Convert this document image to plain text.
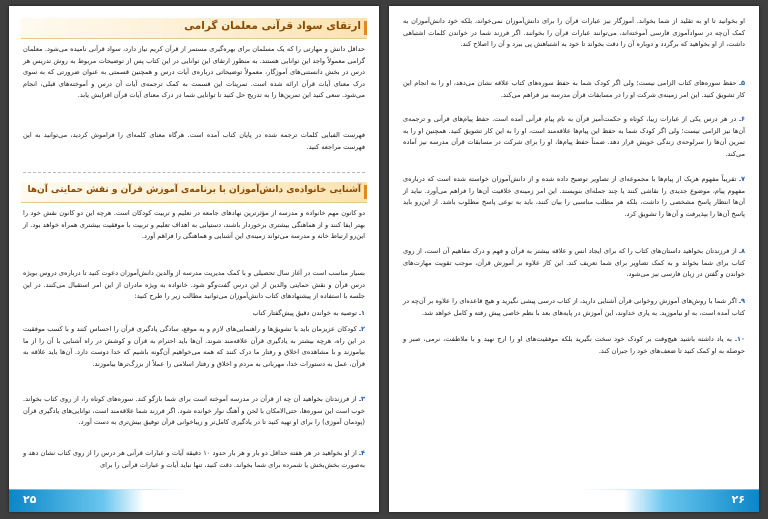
ارتقای سواد قرآنی معلمان گرامی
حداقل دانش و مهارتی را که یک مسلمان برای بهره‌گیری مستمر از قرآن کریم نیاز دارد، سواد قرآنی نامیده می‌شود. معلمان گرامی معمولاً واجد این توانایی هستند. به منظور ارتقای این توانایی در این کتاب پس از توضیحات مربوط به روش تدریس هر درس در بخش دانستنی‌های آموزگار، معمولاً توضیحاتی درباره‌ی آیات درس و همچنین قسمتی به عنوان ضرورتی که به سوی درک معنای آیات قرآن ارائه شده است. تمرینات این قسمت به کمک ترجمه‌ی آیات آن درس و آموخته‌های قبلی، انجام می‌شود. سعی کنید این تمرین‌ها را به تدریج حل کنید تا توانایی شما در درک معنای آیات قرآن افزایش یابد.
فهرست الفبایی کلمات ترجمه شده در پایان کتاب آمده است. هرگاه معنای کلمه‌ای را فراموش کردید، می‌توانید به این فهرست مراجعه کنید.
آشنایی خانواده‌ی دانش‌آموزان با برنامه‌ی آموزش قرآن و نقش حمایتی آن‌ها
دو کانون مهم خانواده و مدرسه از مؤثرترین نهادهای جامعه در تعلیم و تربیت کودکان است. هرچه این دو کانون نقش خود را بهتر ایفا کنند و از هماهنگی بیشتری برخوردار باشند، دستیابی به اهداف تعلیم و تربیت با موفقیت بیشتری همراه خواهد بود. از این‌رو ارتباط خانه و مدرسه می‌تواند زمینه‌ی این آشنایی و هماهنگی را فراهم آورد.
بسیار مناسب است در آغاز سال تحصیلی و با کمک مدیریت مدرسه از والدین دانش‌آموزان دعوت کنید تا درباره‌ی دروس بویژه درس قرآن و نقش حمایتی والدین از این درس گفت‌وگو شود. خانواده به ویژه مادران از این امر استقبال می‌کنند. در این جلسه با استفاده از پیشنهادهای کتاب دانش‌آموزان می‌توانید مطالب زیر را طرح کنید:
۱ـ توصیه به خواندن دقیق پیش‌گفتار کتاب
۲ـ کودکان عزیزمان باید با تشویق‌ها و راهنمایی‌های لازم و به موقع، سادگی یادگیری قرآن را احساس کنند و با کسب موفقیت در این راه، هرچه بیشتر به یادگیری قرآن علاقه‌مند شوند. آن‌ها باید احترام به قرآن و کوشش در راه آشنایی با آن را از ما بیاموزند و با مشاهده‌ی اخلاق و رفتار ما درک کنند که همه می‌خواهیم آن‌گونه باشیم که خدا دوست دارد. آن‌ها باید علاقه به قرآن، عمل به دستورات خدا، مهربانی به مردم و اخلاق و رفتار اسلامی را عملاً از بزرگ‌ترها بیاموزند.
۳ـ از فرزندتان بخواهید آن چه از قرآن در مدرسه آموخته است برای شما بازگو کند. سوره‌های کوتاه را، از روی کتاب بخواند. خوب است این سوره‌ها، حتی‌الامکان با لحن و آهنگ نوار خوانده شود. اگر فرزند شما علاقه‌مند است، توانایی‌های یادگیری قرآن (پودمان آموزی) را برای او تهیه کنید تا در یادگیری کامل‌تر و زیباخوانی قرآن توفیق بیش‌تری به دست آورد.
۴ـ از او بخواهید در هر هفته حداقل دو بار و هر بار حدود ۱۰ دقیقه آیات و عبارات قرآنی هر درس را از روی کتاب نشان دهد و به‌صورت بخش‌بخش یا شمرده برای شما بخواند. دقت کنید، تنها نباید آیات و عبارات قرآنی را برای
۲۵
او بخوانید تا او به تقلید از شما بخواند. آموزگار نیز عبارات قرآن را برای دانش‌آموزان نمی‌خواند، بلکه خود دانش‌آموزان به کمک آن‌چه در سواد‌آموزی فارسی آموخته‌اند، می‌توانند عبارات قرآن را بخوانند. اگر فرزند شما در خواندن کلمات اشتباهی داشت، از او بخواهید که برگردد و دوباره آن را دقت بخواند تا خود به اشتباهش پی ببرد و آن را اصلاح کند.
۵ـ حفظ سوره‌های کتاب الزامی نیست؛ ولی اگر کودک شما به حفظ سوره‌های کتاب علاقه نشان می‌دهد، او را به انجام این کار تشویق کنید. این امر زمینه‌ی شرکت او را در مسابقات قرآن مدرسه نیز فراهم می‌کند.
۶ـ در هر درس یکی از عبارات زیبا، کوتاه و حکمت‌آمیز قرآن به نام پیام قرآنی آمده است. حفظ پیام‌های قرآنی و ترجمه‌ی آن‌ها نیز الزامی نیست؛ ولی اگر کودک شما به حفظ این پیام‌ها علاقه‌مند است، او را به این کار تشویق کنید. همچنین او را به تمرین آن‌ها را سرلوحه‌ی زندگی خویش قرار دهد. ضمناً حفظ پیام‌ها، او را برای شرکت در مسابقات قرآن مدرسه نیز آماده می‌کند.
۷ـ تقریباً مفهوم هریک از پیام‌ها با مجموعه‌ای از تصاویر توضیح داده شده و از دانش‌آموزان خواسته شده است که درباره‌ی مفهوم پیام، موضوع جدیدی را نقاشی کنند یا چند جمله‌ای بنویسند. این امر زمینه‌ی خلاقیت آن‌ها را فراهم می‌آورد. نباید از آن‌ها انتظار پاسخ مشخصی را داشت، بلکه هر مطلب مناسبی را بیان کنند، باید به نوعی پاسخ مطلوب باشد. از این‌رو باید پاسخ آن‌ها را بپذیرفت و آن‌ها را تشویق کرد.
۸ـ از فرزندتان بخواهید داستان‌های کتاب را که برای ایجاد انس و علاقه بیشتر به قرآن و فهم و درک مفاهیم آن است، از روی کتاب برای شما بخواند و به کمک تصاویر برای شما تعریف کند. این کار علاوه بر آموزش قرآن، موجب تقویت مهارت‌های خواندن و گفتن در زبان فارسی نیز می‌شود.
۹ـ اگر شما با روش‌های آموزش روخوانی قرآن آشنایی دارید، از کتاب درسی پیشی نگیرید و هیچ قاعده‌ای را علاوه بر آن‌چه در کتاب آمده است، به او نیاموزید. به یاری خداوند، این آموزش در پایه‌های بعد با نظم خاصی پیش رفته و کامل خواهد شد.
۱۰ـ به یاد داشته باشید هیچ‌وقت بر کودک خود سخت نگیرید بلکه موفقیت‌های او را ارج نهید و با ملاطفت، نرمی، صبر و حوصله به او کمک کنید تا ضعف‌های خود را جبران کند.
۲۶
